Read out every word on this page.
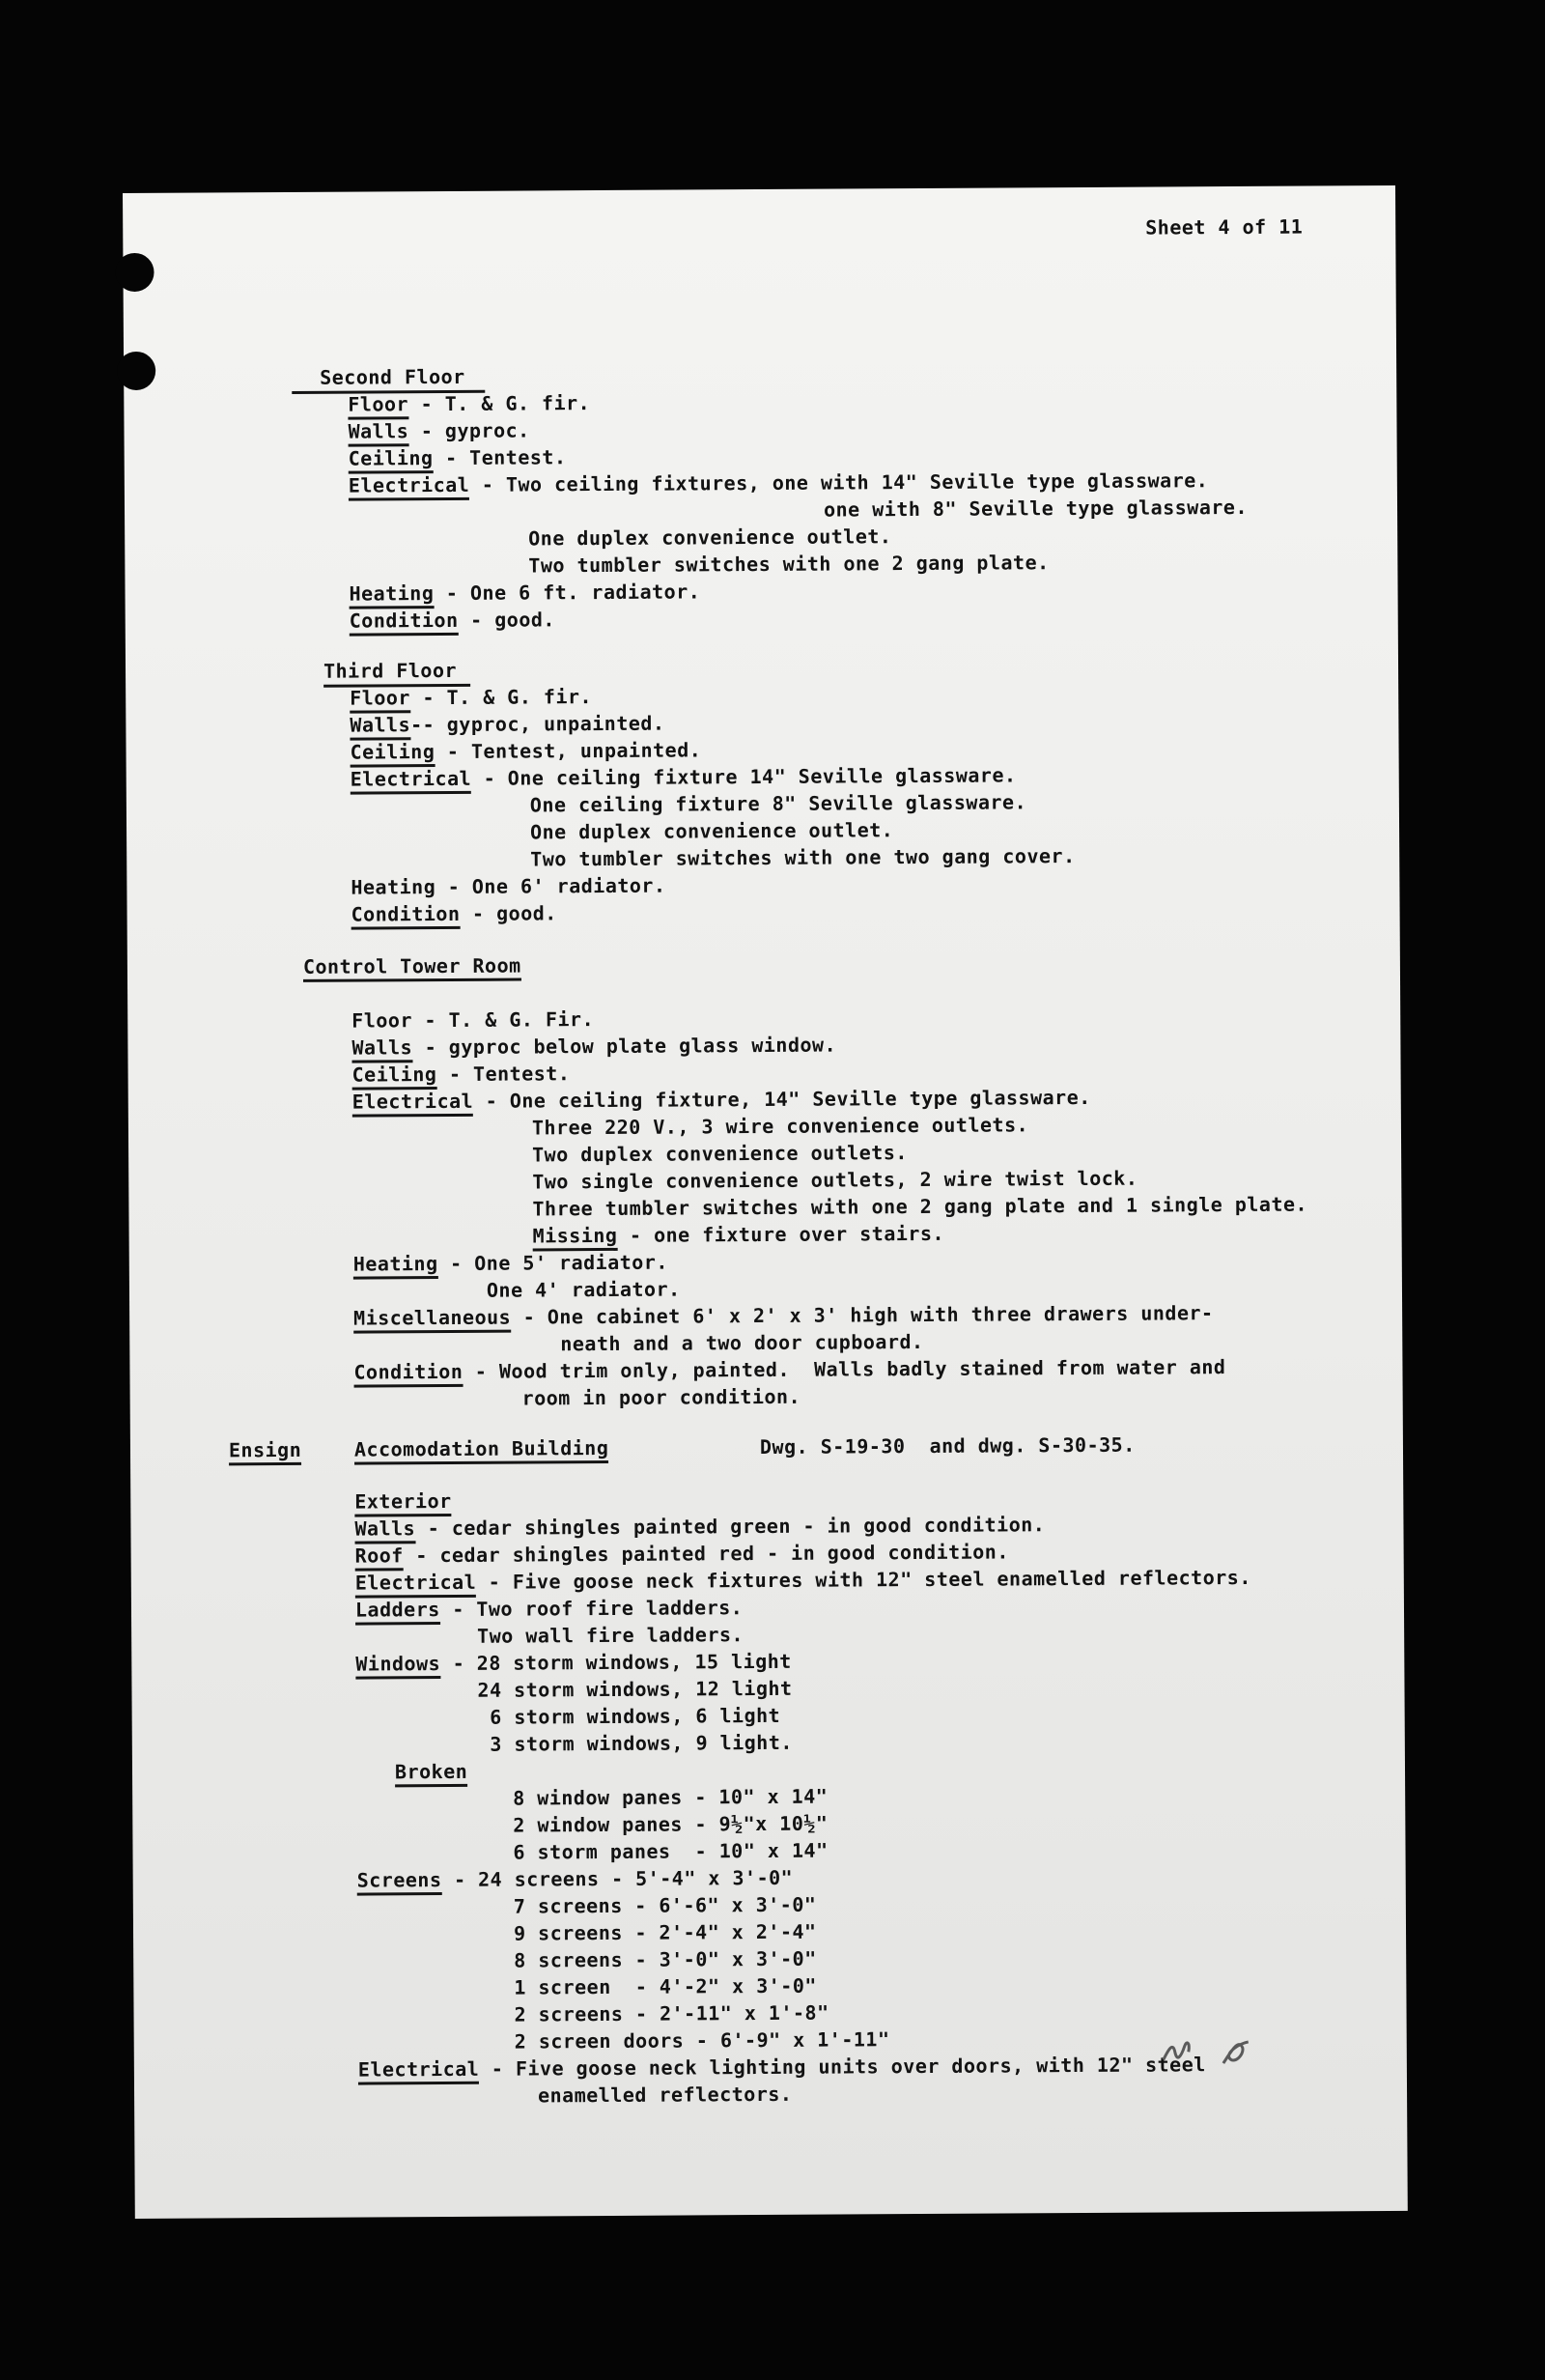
Sheet 4 of 11
Second Floor
Floor - T. & G. fir.
Walls - gyproc.
Ceiling - Tentest.
Electrical - Two ceiling fixtures, one with 14" Seville type glassware.
one with 8" Seville type glassware.
One duplex convenience outlet.
Two tumbler switches with one 2 gang plate.
Heating - One 6 ft. radiator.
Condition - good.
Third Floor
Floor - T. & G. fir.
Walls-- gyproc, unpainted.
Ceiling - Tentest, unpainted.
Electrical - One ceiling fixture 14" Seville glassware.
One ceiling fixture 8" Seville glassware.
One duplex convenience outlet.
Two tumbler switches with one two gang cover.
Heating - One 6' radiator.
Condition - good.
Control Tower Room
Floor - T. & G. Fir.
Walls - gyproc below plate glass window.
Ceiling - Tentest.
Electrical - One ceiling fixture, 14" Seville type glassware.
Three 220 V., 3 wire convenience outlets.
Two duplex convenience outlets.
Two single convenience outlets, 2 wire twist lock.
Three tumbler switches with one 2 gang plate and 1 single plate.
Missing - one fixture over stairs.
Heating - One 5' radiator.
One 4' radiator.
Miscellaneous - One cabinet 6' x 2' x 3' high with three drawers under-
neath and a two door cupboard.
Condition - Wood trim only, painted.  Walls badly stained from water and
room in poor condition.
Ensign	Accomodation Building	Dwg. S-19-30  and dwg. S-30-35.
Exterior
Walls - cedar shingles painted green - in good condition.
Roof - cedar shingles painted red - in good condition.
Electrical - Five goose neck fixtures with 12" steel enamelled reflectors.
Ladders - Two roof fire ladders.
Two wall fire ladders.
Windows - 28 storm windows, 15 light
24 storm windows, 12 light
6 storm windows, 6 light
3 storm windows, 9 light.
Broken
8 window panes - 10" x 14"
2 window panes - 9½"x 10½"
6 storm panes  - 10" x 14"
Screens - 24 screens - 5'-4" x 3'-0"
7 screens - 6'-6" x 3'-0"
9 screens - 2'-4" x 2'-4"
8 screens - 3'-0" x 3'-0"
1 screen  - 4'-2" x 3'-0"
2 screens - 2'-11" x 1'-8"
2 screen doors - 6'-9" x 1'-11"
Electrical - Five goose neck lighting units over doors, with 12" steel
enamelled reflectors.
